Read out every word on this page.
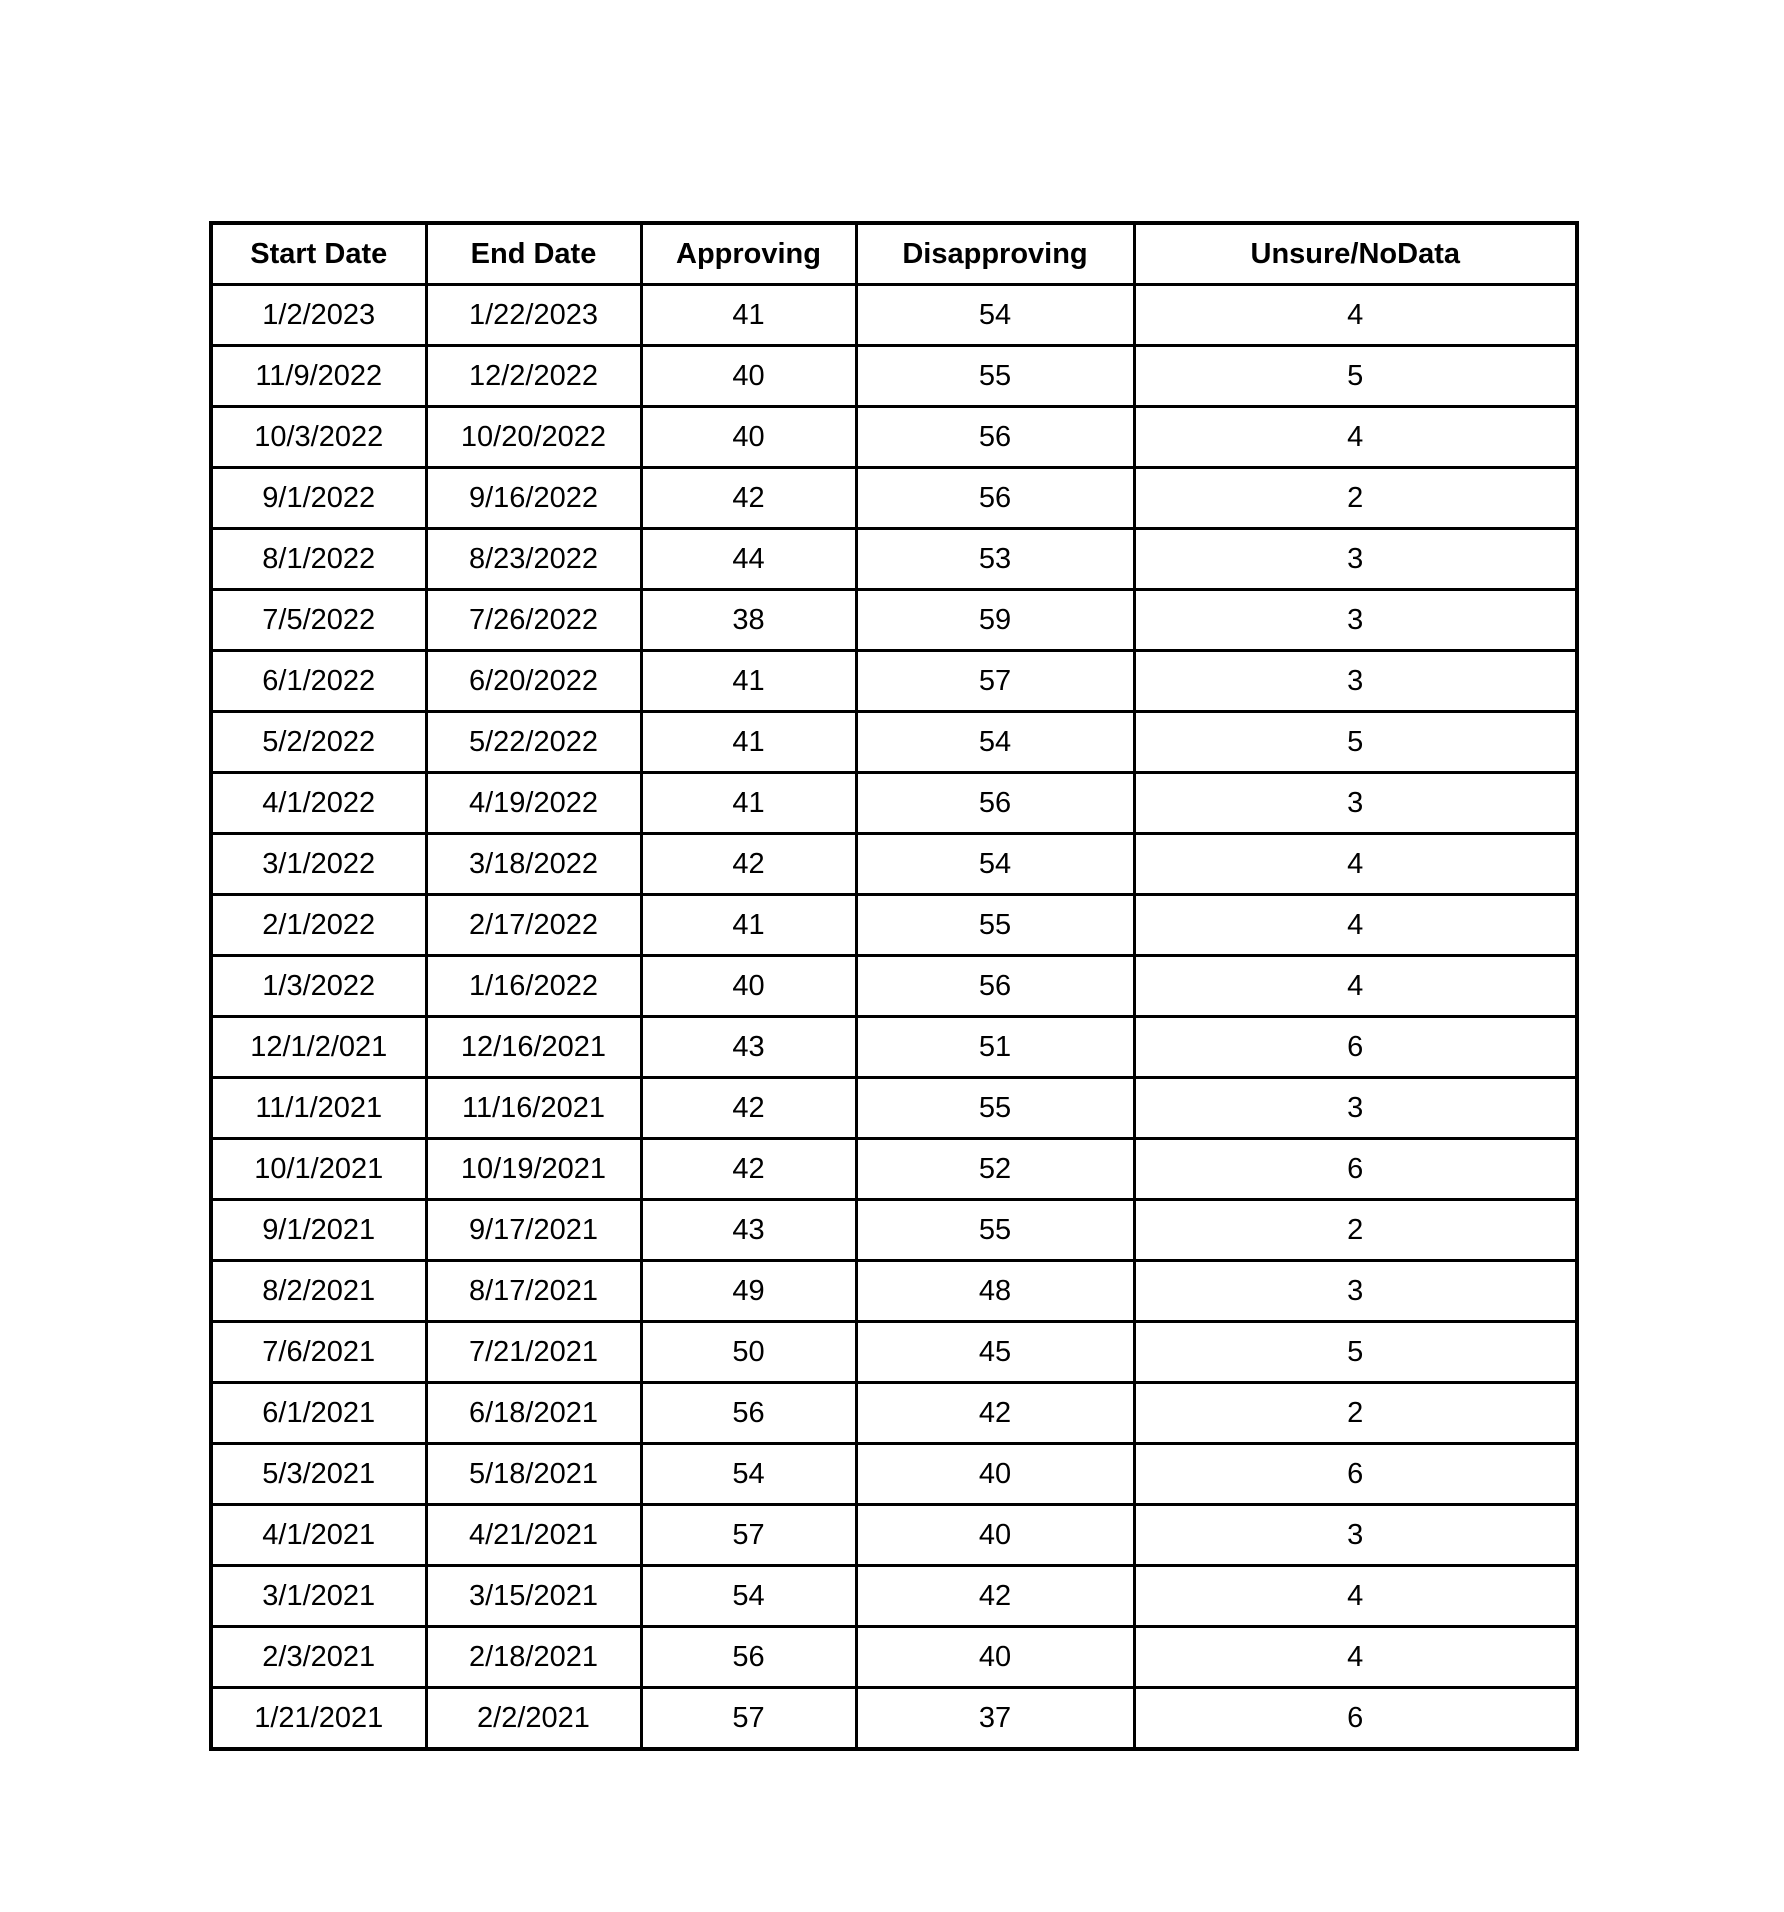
Start Date	End Date	Approving	Disapproving	Unsure/NoData
1/2/2023	1/22/2023	41	54	4
11/9/2022	12/2/2022	40	55	5
10/3/2022	10/20/2022	40	56	4
9/1/2022	9/16/2022	42	56	2
8/1/2022	8/23/2022	44	53	3
7/5/2022	7/26/2022	38	59	3
6/1/2022	6/20/2022	41	57	3
5/2/2022	5/22/2022	41	54	5
4/1/2022	4/19/2022	41	56	3
3/1/2022	3/18/2022	42	54	4
2/1/2022	2/17/2022	41	55	4
1/3/2022	1/16/2022	40	56	4
12/1/2/021	12/16/2021	43	51	6
11/1/2021	11/16/2021	42	55	3
10/1/2021	10/19/2021	42	52	6
9/1/2021	9/17/2021	43	55	2
8/2/2021	8/17/2021	49	48	3
7/6/2021	7/21/2021	50	45	5
6/1/2021	6/18/2021	56	42	2
5/3/2021	5/18/2021	54	40	6
4/1/2021	4/21/2021	57	40	3
3/1/2021	3/15/2021	54	42	4
2/3/2021	2/18/2021	56	40	4
1/21/2021	2/2/2021	57	37	6
